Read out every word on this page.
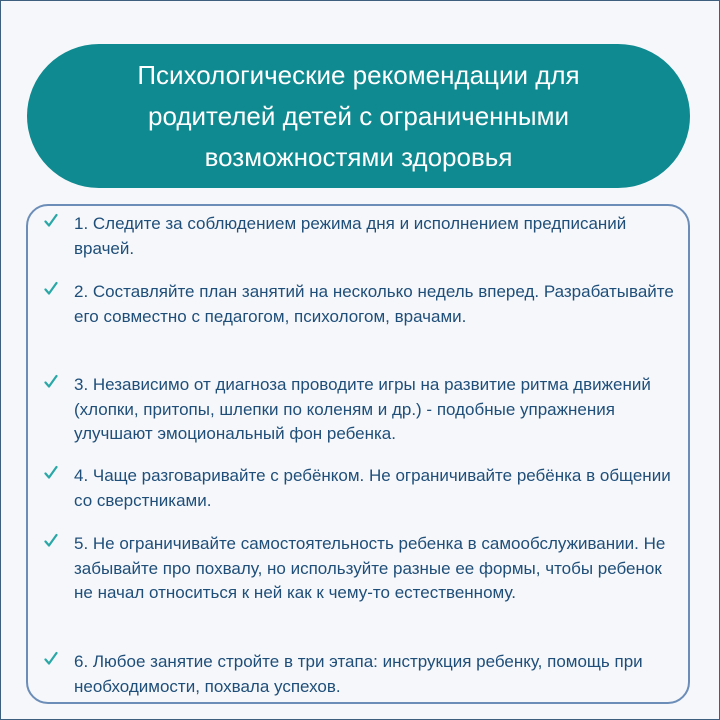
Психологические рекомендации для родителей детей с ограниченными возможностями здоровья

1. Следите за соблюдением режима дня и исполнением предписаний врачей.

2. Составляйте план занятий на несколько недель вперед. Разрабатывайте его совместно с педагогом, психологом, врачами.

3. Независимо от диагноза проводите игры на развитие ритма движений (хлопки, притопы, шлепки по коленям и др.) - подобные упражнения улучшают эмоциональный фон ребенка.

4. Чаще разговаривайте с ребёнком. Не ограничивайте ребёнка в общении со сверстниками.

5. Не ограничивайте самостоятельность ребенка в самообслуживании. Не забывайте про похвалу, но используйте разные ее формы, чтобы ребенок не начал относиться к ней как к чему-то естественному.

6. Любое занятие стройте в три этапа: инструкция ребенку, помощь при необходимости, похвала успехов.
